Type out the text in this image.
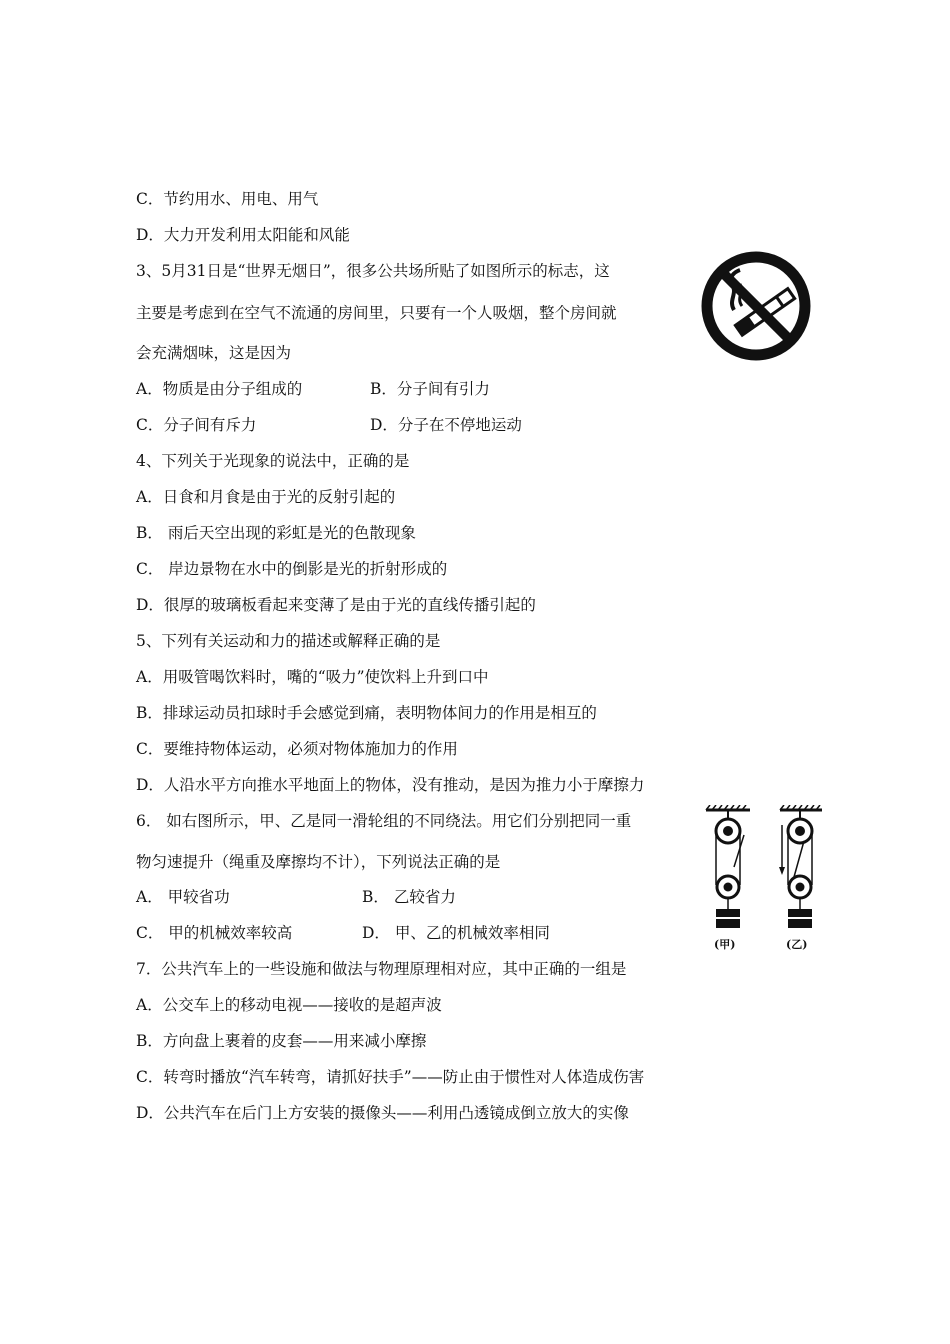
C．节约用水、用电、用气
D．大力开发利用太阳能和风能
3、5月31日是“世界无烟日”，很多公共场所贴了如图所示的标志，这
主要是考虑到在空气不流通的房间里，只要有一个人吸烟，整个房间就
会充满烟味，这是因为
A．物质是由分子组成的	B．分子间有引力
C．分子间有斥力	D．分子在不停地运动
4、下列关于光现象的说法中，正确的是
A．日食和月食是由于光的反射引起的
B． 雨后天空出现的彩虹是光的色散现象
C． 岸边景物在水中的倒影是光的折射形成的
D．很厚的玻璃板看起来变薄了是由于光的直线传播引起的
5、下列有关运动和力的描述或解释正确的是
A．用吸管喝饮料时，嘴的“吸力”使饮料上升到口中
B．排球运动员扣球时手会感觉到痛，表明物体间力的作用是相互的
C．要维持物体运动，必须对物体施加力的作用
D．人沿水平方向推水平地面上的物体，没有推动，是因为推力小于摩擦力
6． 如右图所示，甲、乙是同一滑轮组的不同绕法。用它们分别把同一重
物匀速提升（绳重及摩擦均不计），下列说法正确的是
A． 甲较省功	B． 乙较省力
C． 甲的机械效率较高	D． 甲、乙的机械效率相同
7．公共汽车上的一些设施和做法与物理原理相对应，其中正确的一组是
A．公交车上的移动电视——接收的是超声波
B．方向盘上裹着的皮套——用来减小摩擦
C．转弯时播放“汽车转弯，请抓好扶手”——防止由于惯性对人体造成伤害
D．公共汽车在后门上方安装的摄像头——利用凸透镜成倒立放大的实像
(甲)	(乙)
